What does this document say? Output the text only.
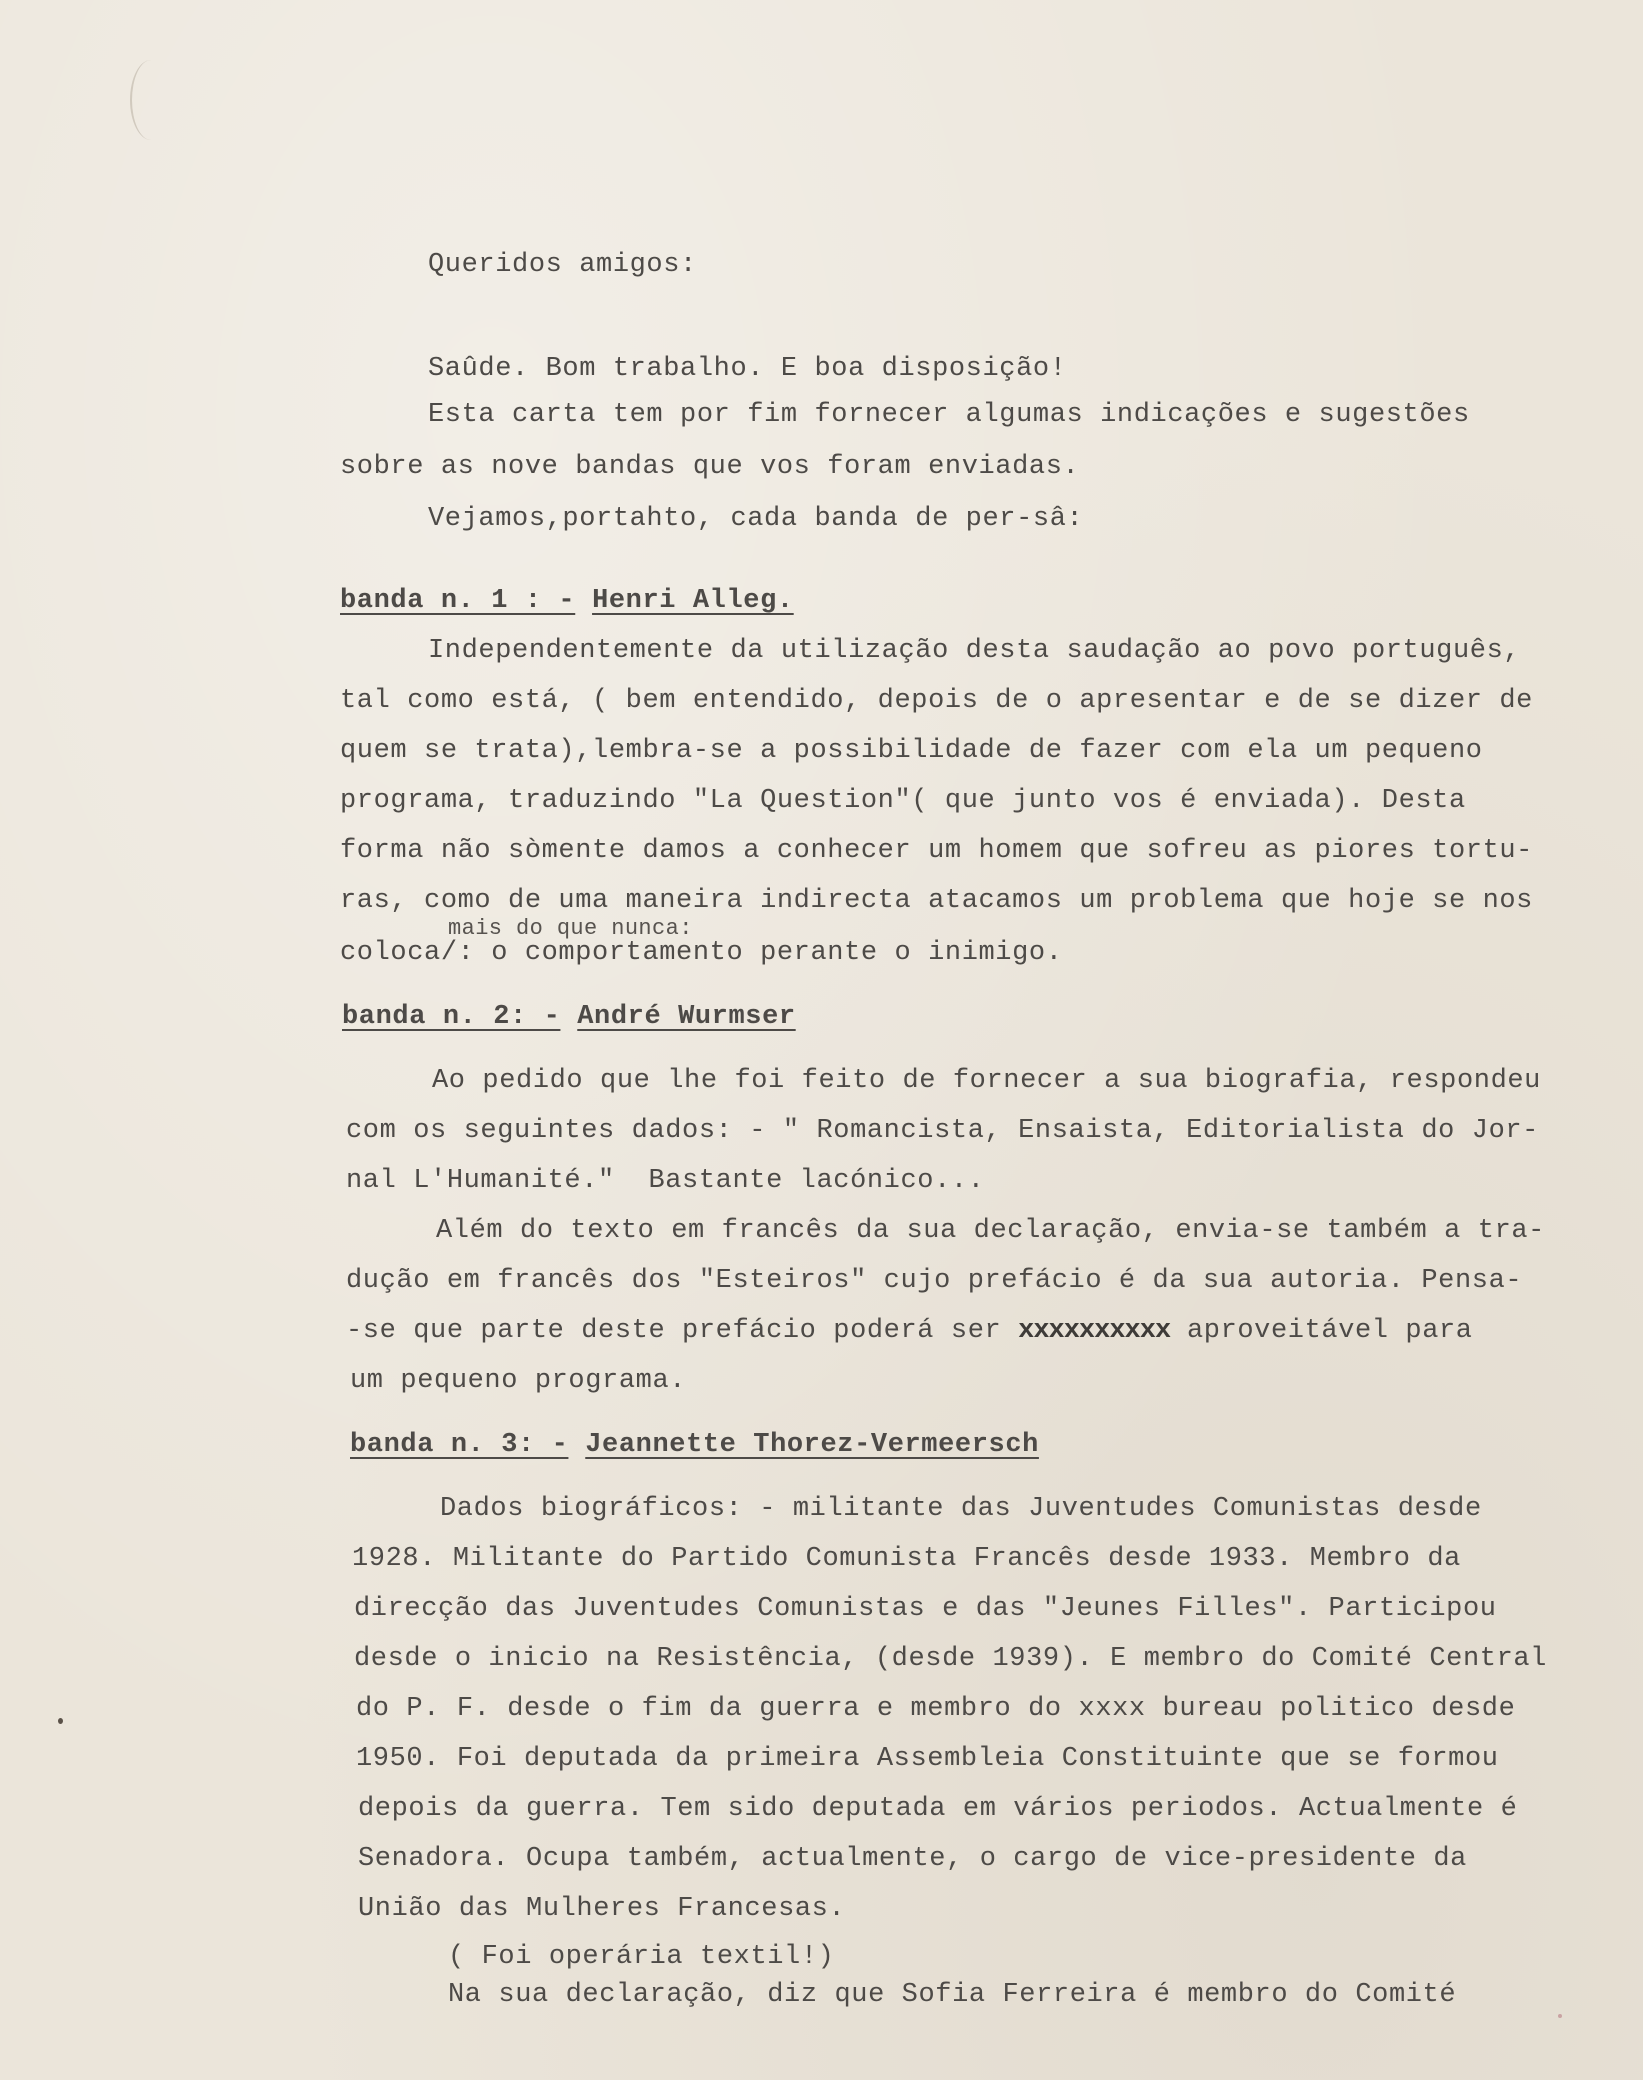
Queridos amigos:
Saûde. Bom trabalho. E boa disposição!
Esta carta tem por fim fornecer algumas indicações e sugestões
sobre as nove bandas que vos foram enviadas.
Vejamos,portahto, cada banda de per-sâ:
banda n. 1 : - Henri Alleg.
Independentemente da utilização desta saudação ao povo português,
tal como está, ( bem entendido, depois de o apresentar e de se dizer de
quem se trata),lembra-se a possibilidade de fazer com ela um pequeno
programa, traduzindo "La Question"( que junto vos é enviada). Desta
forma não sòmente damos a conhecer um homem que sofreu as piores tortu-
ras, como de uma maneira indirecta atacamos um problema que hoje se nos
mais do que nunca:
coloca/: o comportamento perante o inimigo.
banda n. 2: - André Wurmser
Ao pedido que lhe foi feito de fornecer a sua biografia, respondeu
com os seguintes dados: - " Romancista, Ensaista, Editorialista do Jor-
nal L'Humanité."  Bastante lacónico...
Além do texto em francês da sua declaração, envia-se também a tra-
dução em francês dos "Esteiros" cujo prefácio é da sua autoria. Pensa-
-se que parte deste prefácio poderá ser xxxxxxxxxx aproveitável para
um pequeno programa.
banda n. 3: - Jeannette Thorez-Vermeersch
Dados biográficos: - militante das Juventudes Comunistas desde
1928. Militante do Partido Comunista Francês desde 1933. Membro da
direcção das Juventudes Comunistas e das "Jeunes Filles". Participou
desde o inicio na Resistência, (desde 1939). E membro do Comité Central
do P. F. desde o fim da guerra e membro do xxxx bureau politico desde
1950. Foi deputada da primeira Assembleia Constituinte que se formou
depois da guerra. Tem sido deputada em vários periodos. Actualmente é
Senadora. Ocupa também, actualmente, o cargo de vice-presidente da
União das Mulheres Francesas.
( Foi operária textil!)
Na sua declaração, diz que Sofia Ferreira é membro do Comité
